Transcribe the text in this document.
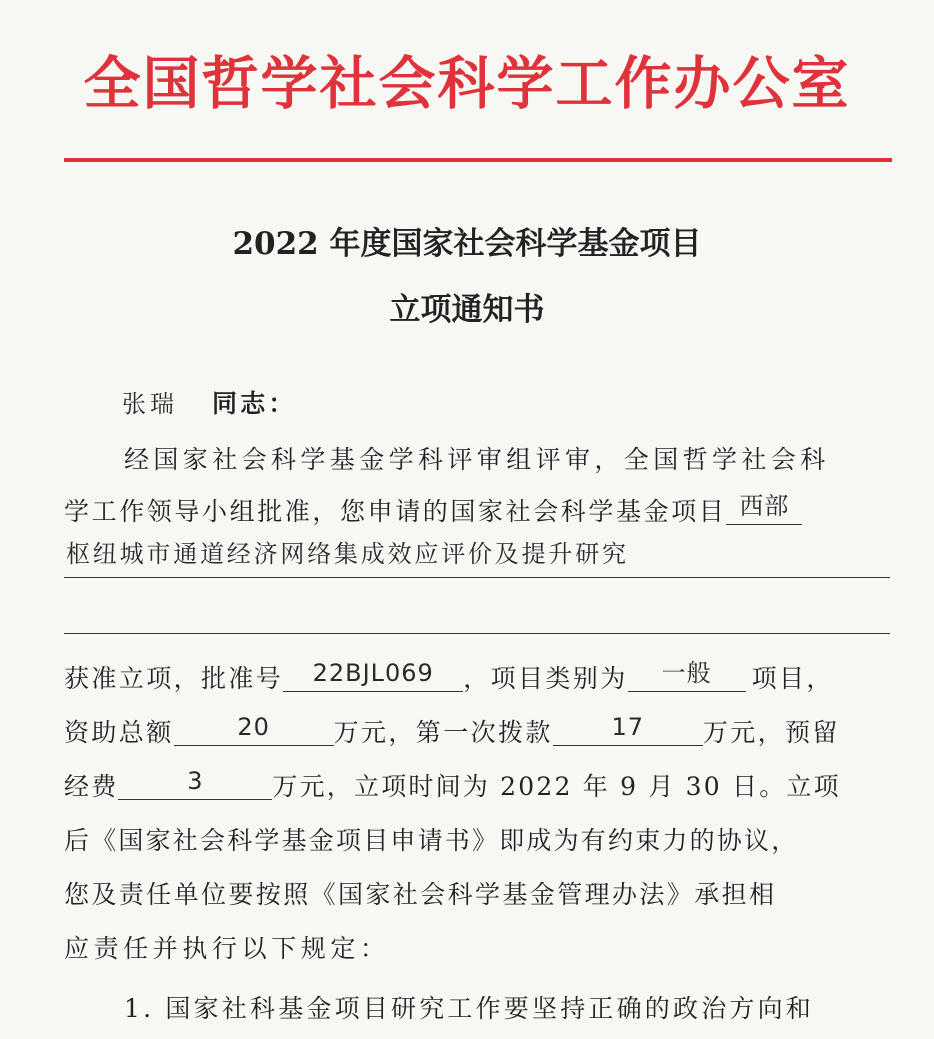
全国哲学社会科学工作办公室
2022 年度国家社会科学基金项目
立项通知书
张瑞 同志：
经国家社会科学基金学科评审组评审，全国哲学社会科
学工作领导小组批准，您申请的国家社会科学基金项目 西部
枢纽城市通道经济网络集成效应评价及提升研究
获准立项，批准号 22BJL069 ，项目类别为 一般 项目，
资助总额	20	万元，第一次拨款 17 万元，预留
经费	3	万元，立项时间为 2022 年 9 月 30 日。立项
后《国家社会科学基金项目申请书》即成为有约束力的协议，
您及责任单位要按照《国家社会科学基金管理办法》承担相
应责任并执行以下规定：
1. 国家社科基金项目研究工作要坚持正确的政治方向和
